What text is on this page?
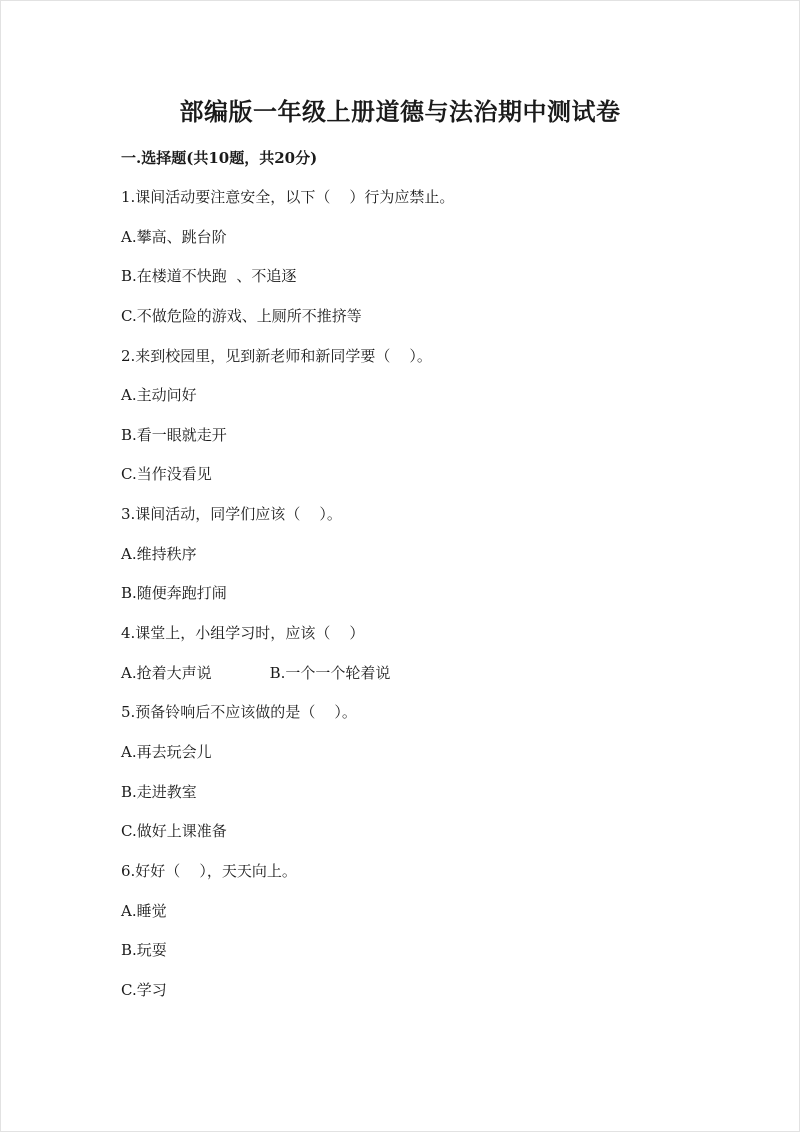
部编版一年级上册道德与法治期中测试卷
一.选择题(共10题，共20分)
1.课间活动要注意安全，以下（    ）行为应禁止。
A.攀高、跳台阶
B.在楼道不快跑  、不追逐
C.不做危险的游戏、上厕所不推挤等
2.来到校园里，见到新老师和新同学要（    ）。
A.主动问好
B.看一眼就走开
C.当作没看见
3.课间活动，同学们应该（    ）。
A.维持秩序
B.随便奔跑打闹
4.课堂上，小组学习时，应该（    ）
A.抢着大声说	B.一个一个轮着说
5.预备铃响后不应该做的是（    ）。
A.再去玩会儿
B.走进教室
C.做好上课准备
6.好好（    ），天天向上。
A.睡觉
B.玩耍
C.学习
